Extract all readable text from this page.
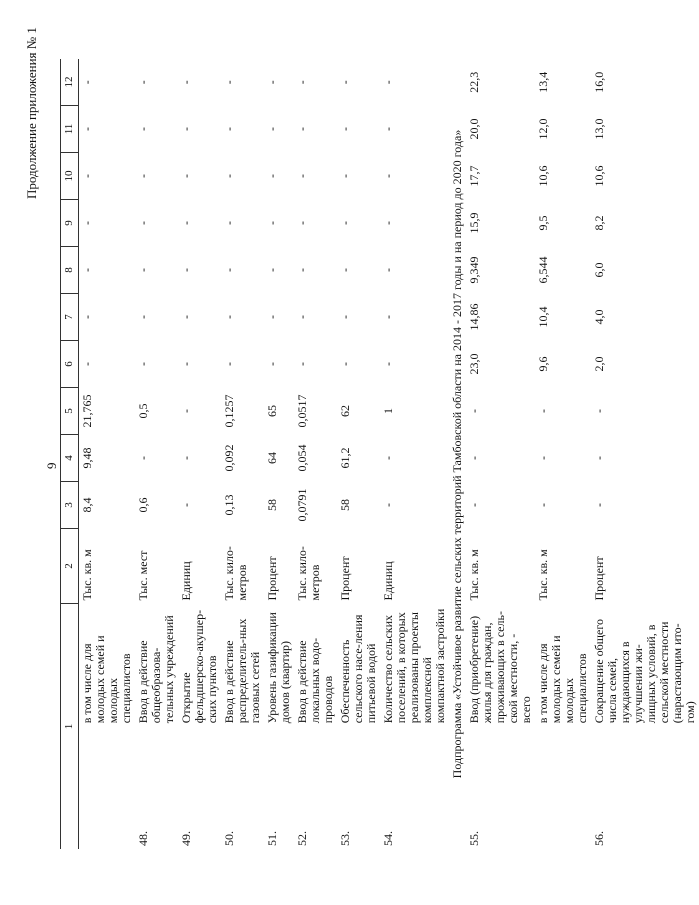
9
Продолжение приложения № 1
1		2	3	4	5	6	7	8	9	10	11	12
	в том числе для молодых семей и молодых специалистов	Тыс. кв. м	8,4	9,48	21,765	-	-	-	-	-	-	-
48.	Ввод в действие общеобразова-тельных учреждений	Тыс. мест	0,6	-	0,5	-	-	-	-	-	-	-
49.	Открытие фельдшерско-акушер-ских пунктов	Единиц	-	-	-	-	-	-	-	-	-	-
50.	Ввод в действие распределитель-ных газовых сетей	Тыс. кило-метров	0,13	0,092	0,1257	-	-	-	-	-	-	-
51.	Уровень газификации домов (квартир)	Процент	58	64	65	-	-	-	-	-	-	-
52.	Ввод в действие локальных водо-проводов	Тыс. кило-метров	0,0791	0,054	0,0517	-	-	-	-	-	-	-
53.	Обеспеченность сельского насе-ления питьевой водой	Процент	58	61,2	62	-	-	-	-	-	-	-
54.	Количество сельских поселений, в которых реализованы проекты комплексной компактной застройки	Единиц	-	-	1	-	-	-	-	-	-	-
Подпрограмма «Устойчивое развитие сельских территорий Тамбовской области на 2014 - 2017 годы и на период до 2020 года»												
55.	Ввод (приобретение) жилья для граждан, проживающих в сель-ской местности, - всего	Тыс. кв. м	-	-	-	23,0	14,86	9,349	15,9	17,7	20,0	22,3
	в том числе для молодых семей и молодых специалистов	Тыс. кв. м	-	-	-	9,6	10,4	6,544	9,5	10,6	12,0	13,4
56.	Сокращение общего числа семей, нуждающихся в улучшении жи-лищных условий, в сельской местности (нарастающим ито-гом)	Процент	-	-	-	2,0	4,0	6,0	8,2	10,6	13,0	16,0
